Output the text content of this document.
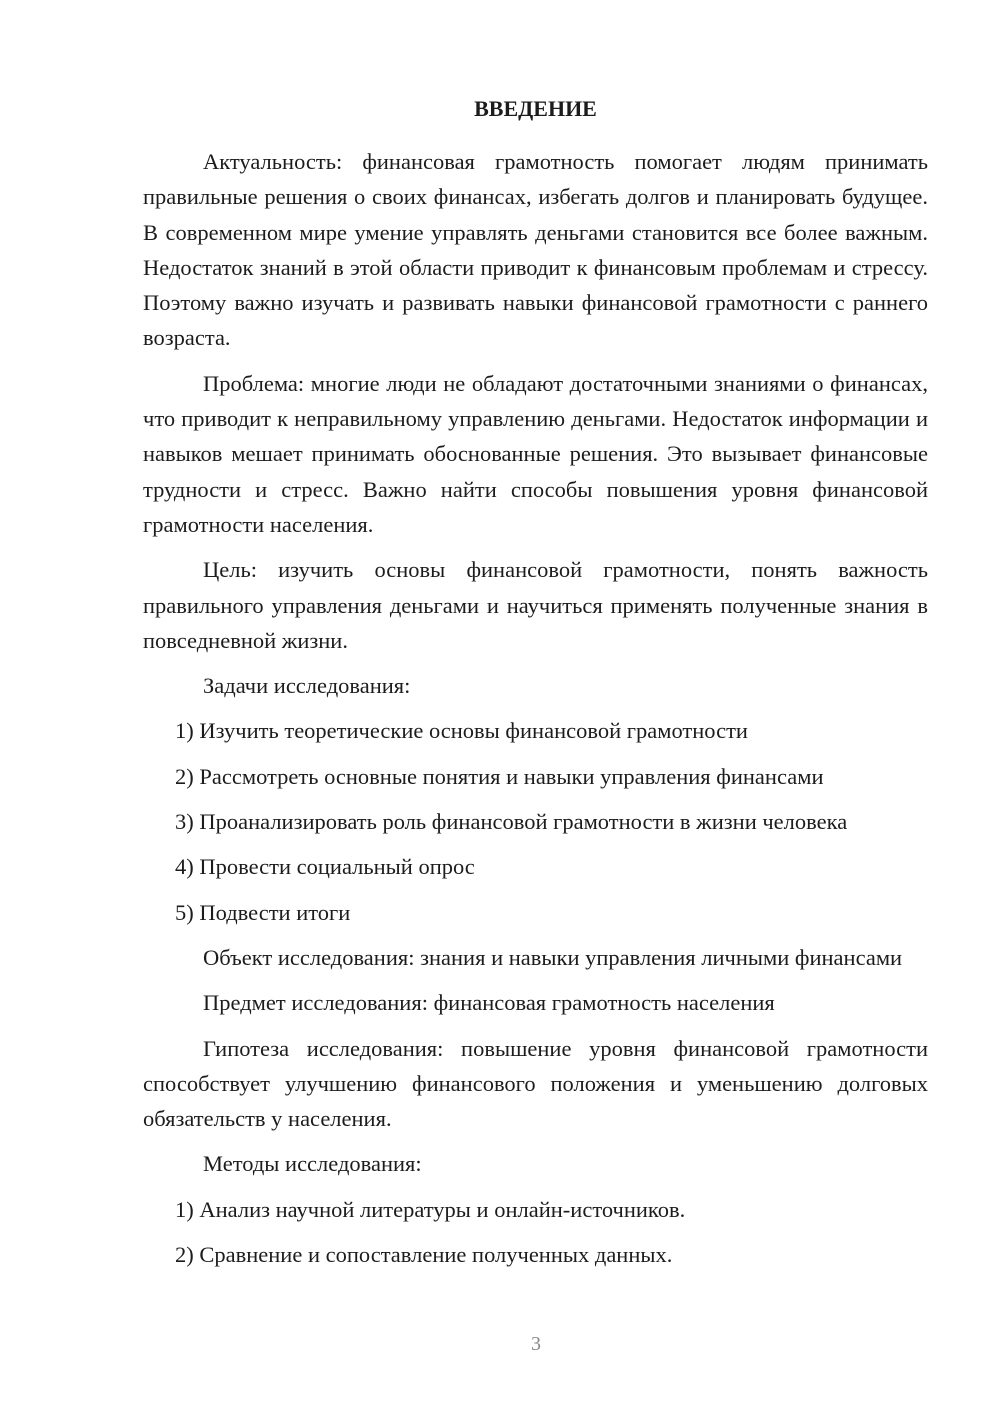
ВВЕДЕНИЕ

Актуальность: финансовая грамотность помогает людям принимать правильные решения о своих финансах, избегать долгов и планировать будущее. В современном мире умение управлять деньгами становится все более важным. Недостаток знаний в этой области приводит к финансовым проблемам и стрессу. Поэтому важно изучать и развивать навыки финансовой грамотности с раннего возраста.

Проблема: многие люди не обладают достаточными знаниями о финансах, что приводит к неправильному управлению деньгами. Недостаток информации и навыков мешает принимать обоснованные решения. Это вызывает финансовые трудности и стресс. Важно найти способы повышения уровня финансовой грамотности населения.

Цель: изучить основы финансовой грамотности, понять важность правильного управления деньгами и научиться применять полученные знания в повседневной жизни.

Задачи исследования:

1) Изучить теоретические основы финансовой грамотности
2) Рассмотреть основные понятия и навыки управления финансами
3) Проанализировать роль финансовой грамотности в жизни человека
4) Провести социальный опрос
5) Подвести итоги

Объект исследования: знания и навыки управления личными финансами

Предмет исследования: финансовая грамотность населения

Гипотеза исследования: повышение уровня финансовой грамотности способствует улучшению финансового положения и уменьшению долговых обязательств у населения.

Методы исследования:

1) Анализ научной литературы и онлайн-источников.
2) Сравнение и сопоставление полученных данных.
3
